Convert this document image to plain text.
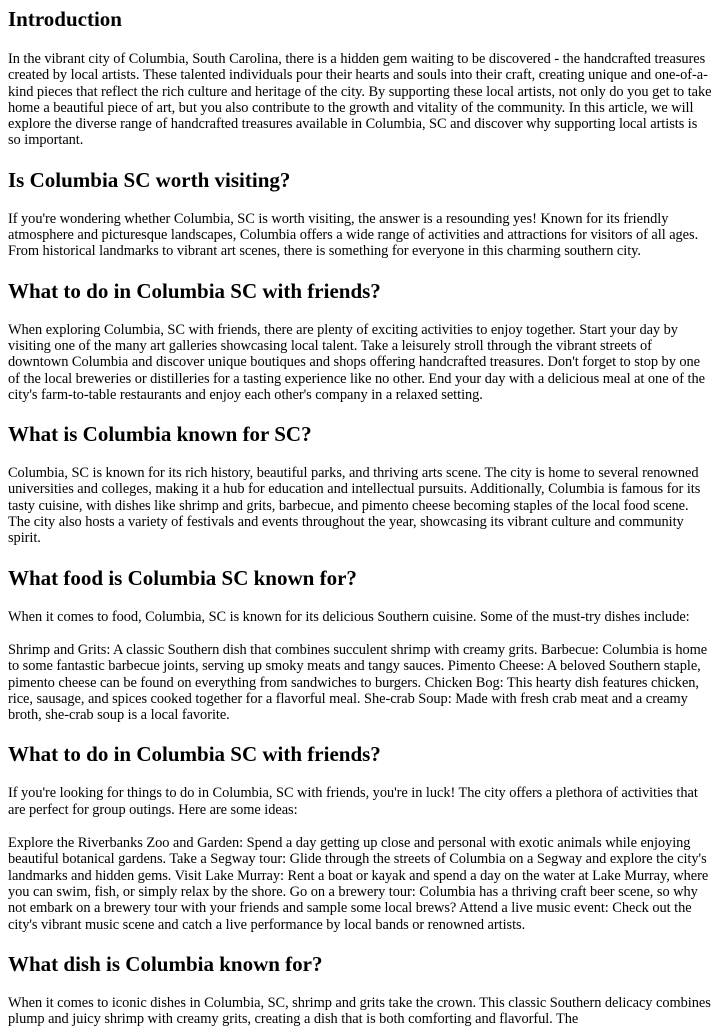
Introduction

In the vibrant city of Columbia, South Carolina, there is a hidden gem waiting to be discovered - the handcrafted treasures created by local artists. These talented individuals pour their hearts and souls into their craft, creating unique and one-of-a-kind pieces that reflect the rich culture and heritage of the city. By supporting these local artists, not only do you get to take home a beautiful piece of art, but you also contribute to the growth and vitality of the community. In this article, we will explore the diverse range of handcrafted treasures available in Columbia, SC and discover why supporting local artists is so important.

Is Columbia SC worth visiting?

If you're wondering whether Columbia, SC is worth visiting, the answer is a resounding yes! Known for its friendly atmosphere and picturesque landscapes, Columbia offers a wide range of activities and attractions for visitors of all ages. From historical landmarks to vibrant art scenes, there is something for everyone in this charming southern city.

What to do in Columbia SC with friends?

When exploring Columbia, SC with friends, there are plenty of exciting activities to enjoy together. Start your day by visiting one of the many art galleries showcasing local talent. Take a leisurely stroll through the vibrant streets of downtown Columbia and discover unique boutiques and shops offering handcrafted treasures. Don't forget to stop by one of the local breweries or distilleries for a tasting experience like no other. End your day with a delicious meal at one of the city's farm-to-table restaurants and enjoy each other's company in a relaxed setting.

What is Columbia known for SC?

Columbia, SC is known for its rich history, beautiful parks, and thriving arts scene. The city is home to several renowned universities and colleges, making it a hub for education and intellectual pursuits. Additionally, Columbia is famous for its tasty cuisine, with dishes like shrimp and grits, barbecue, and pimento cheese becoming staples of the local food scene. The city also hosts a variety of festivals and events throughout the year, showcasing its vibrant culture and community spirit.

What food is Columbia SC known for?

When it comes to food, Columbia, SC is known for its delicious Southern cuisine. Some of the must-try dishes include:

Shrimp and Grits: A classic Southern dish that combines succulent shrimp with creamy grits. Barbecue: Columbia is home to some fantastic barbecue joints, serving up smoky meats and tangy sauces. Pimento Cheese: A beloved Southern staple, pimento cheese can be found on everything from sandwiches to burgers. Chicken Bog: This hearty dish features chicken, rice, sausage, and spices cooked together for a flavorful meal. She-crab Soup: Made with fresh crab meat and a creamy broth, she-crab soup is a local favorite.

What to do in Columbia SC with friends?

If you're looking for things to do in Columbia, SC with friends, you're in luck! The city offers a plethora of activities that are perfect for group outings. Here are some ideas:

Explore the Riverbanks Zoo and Garden: Spend a day getting up close and personal with exotic animals while enjoying beautiful botanical gardens. Take a Segway tour: Glide through the streets of Columbia on a Segway and explore the city's landmarks and hidden gems. Visit Lake Murray: Rent a boat or kayak and spend a day on the water at Lake Murray, where you can swim, fish, or simply relax by the shore. Go on a brewery tour: Columbia has a thriving craft beer scene, so why not embark on a brewery tour with your friends and sample some local brews? Attend a live music event: Check out the city's vibrant music scene and catch a live performance by local bands or renowned artists.

What dish is Columbia known for?

When it comes to iconic dishes in Columbia, SC, shrimp and grits take the crown. This classic Southern delicacy combines plump and juicy shrimp with creamy grits, creating a dish that is both comforting and flavorful. The
